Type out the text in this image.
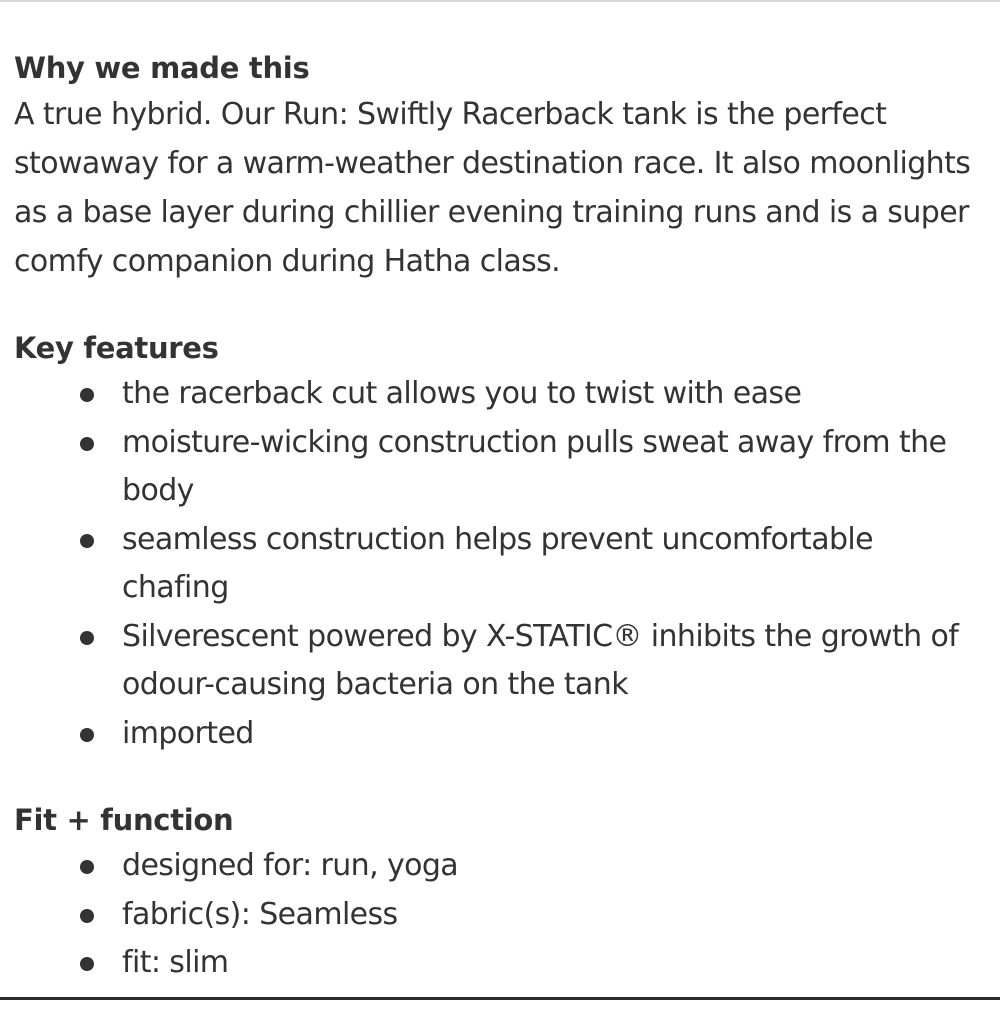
Why we made this

A true hybrid. Our Run: Swiftly Racerback tank is the perfect stowaway for a warm-weather destination race. It also moonlights as a base layer during chillier evening training runs and is a super comfy companion during Hatha class.

Key features
the racerback cut allows you to twist with ease
moisture-wicking construction pulls sweat away from the body
seamless construction helps prevent uncomfortable chafing
Silverescent powered by X-STATIC® inhibits the growth of odour-causing bacteria on the tank
imported
Fit + function
designed for: run, yoga
fabric(s): Seamless
fit: slim
